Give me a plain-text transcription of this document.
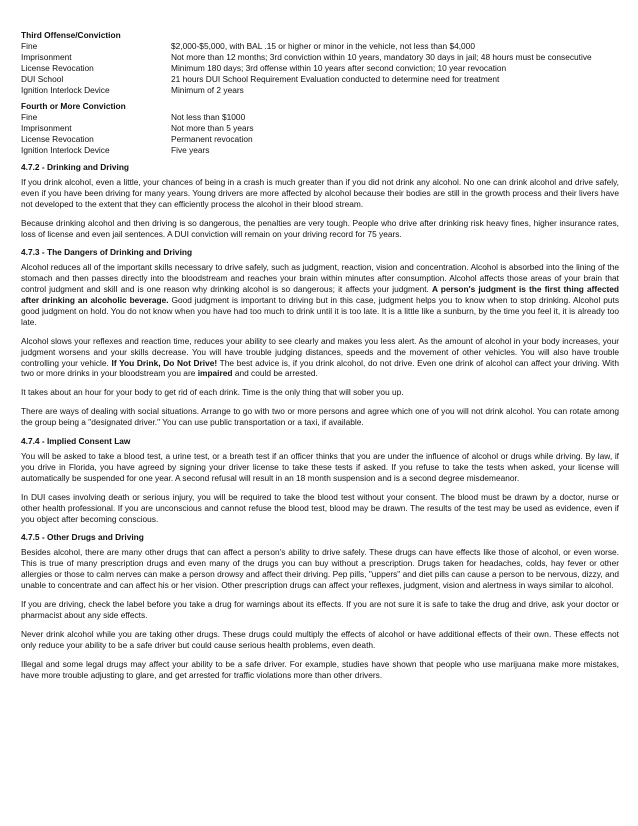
Third Offense/Conviction
Fine	$2,000-$5,000, with BAL .15 or higher or minor in the vehicle, not less than $4,000
Imprisonment	Not more than 12 months; 3rd conviction within 10 years, mandatory 30 days in jail; 48 hours must be consecutive
License Revocation	Minimum 180 days; 3rd offense within 10 years after second conviction; 10 year revocation
DUI School	21 hours DUI School Requirement Evaluation conducted to determine need for treatment
Ignition Interlock Device	Minimum of 2 years
Fourth or More Conviction
Fine	Not less than $1000
Imprisonment	Not more than 5 years
License Revocation	Permanent revocation
Ignition Interlock Device	Five years
4.7.2 - Drinking and Driving

If you drink alcohol, even a little, your chances of being in a crash is much greater than if you did not drink any alcohol. No one can drink alcohol and drive safely, even if you have been driving for many years. Young drivers are more affected by alcohol because their bodies are still in the growth process and their livers have not developed to the extent that they can efficiently process the alcohol in their blood stream.

Because drinking alcohol and then driving is so dangerous, the penalties are very tough. People who drive after drinking risk heavy fines, higher insurance rates, loss of license and even jail sentences. A DUI conviction will remain on your driving record for 75 years.

4.7.3 - The Dangers of Drinking and Driving

Alcohol reduces all of the important skills necessary to drive safely, such as judgment, reaction, vision and concentration. Alcohol is absorbed into the lining of the stomach and then passes directly into the bloodstream and reaches your brain within minutes after consumption. Alcohol affects those areas of your brain that control judgment and skill and is one reason why drinking alcohol is so dangerous; it affects your judgment. A person's judgment is the first thing affected after drinking an alcoholic beverage. Good judgment is important to driving but in this case, judgment helps you to know when to stop drinking. Alcohol puts good judgment on hold. You do not know when you have had too much to drink until it is too late. It is a little like a sunburn, by the time you feel it, it is already too late.

Alcohol slows your reflexes and reaction time, reduces your ability to see clearly and makes you less alert. As the amount of alcohol in your body increases, your judgment worsens and your skills decrease. You will have trouble judging distances, speeds and the movement of other vehicles. You will also have trouble controlling your vehicle. If You Drink, Do Not Drive! The best advice is, if you drink alcohol, do not drive. Even one drink of alcohol can affect your driving. With two or more drinks in your bloodstream you are impaired and could be arrested.

It takes about an hour for your body to get rid of each drink. Time is the only thing that will sober you up.

There are ways of dealing with social situations. Arrange to go with two or more persons and agree which one of you will not drink alcohol. You can rotate among the group being a "designated driver." You can use public transportation or a taxi, if available.

4.7.4 - Implied Consent Law

You will be asked to take a blood test, a urine test, or a breath test if an officer thinks that you are under the influence of alcohol or drugs while driving. By law, if you drive in Florida, you have agreed by signing your driver license to take these tests if asked. If you refuse to take the tests when asked, your license will automatically be suspended for one year. A second refusal will result in an 18 month suspension and is a second degree misdemeanor.

In DUI cases involving death or serious injury, you will be required to take the blood test without your consent. The blood must be drawn by a doctor, nurse or other health professional. If you are unconscious and cannot refuse the blood test, blood may be drawn. The results of the test may be used as evidence, even if you object after becoming conscious.

4.7.5 - Other Drugs and Driving

Besides alcohol, there are many other drugs that can affect a person's ability to drive safely. These drugs can have effects like those of alcohol, or even worse. This is true of many prescription drugs and even many of the drugs you can buy without a prescription. Drugs taken for headaches, colds, hay fever or other allergies or those to calm nerves can make a person drowsy and affect their driving. Pep pills, "uppers" and diet pills can cause a person to be nervous, dizzy, and unable to concentrate and can affect his or her vision. Other prescription drugs can affect your reflexes, judgment, vision and alertness in ways similar to alcohol.

If you are driving, check the label before you take a drug for warnings about its effects. If you are not sure it is safe to take the drug and drive, ask your doctor or pharmacist about any side effects.

Never drink alcohol while you are taking other drugs. These drugs could multiply the effects of alcohol or have additional effects of their own. These effects not only reduce your ability to be a safe driver but could cause serious health problems, even death.

Illegal and some legal drugs may affect your ability to be a safe driver. For example, studies have shown that people who use marijuana make more mistakes, have more trouble adjusting to glare, and get arrested for traffic violations more than other drivers.
